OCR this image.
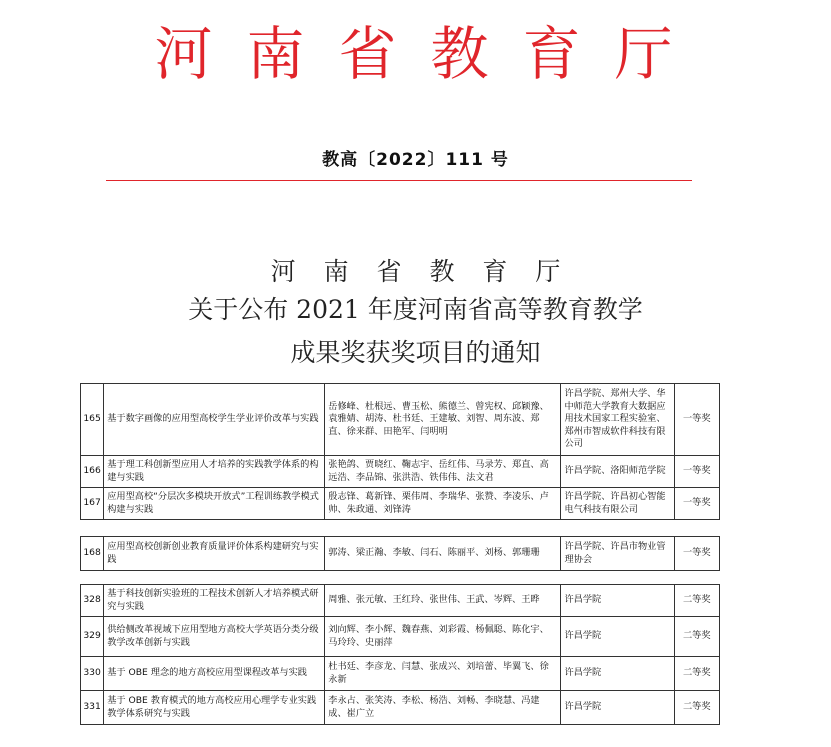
河南省教育厅
教高〔2022〕111 号
河 南 省 教 育 厅
关于公布 2021 年度河南省高等教育教学
成果奖获奖项目的通知
165	基于数字画像的应用型高校学生学业评价改革与实践	岳修峰、杜根远、曹玉松、熊德兰、曾宪权、邱颖豫、袁雅婧、胡涛、杜书廷、王建敏、刘智、周东波、郑直、徐来群、田艳军、闫明明	许昌学院、郑州大学、华中师范大学教育大数据应用技术国家工程实验室、郑州市智成软件科技有限公司	一等奖
166	基于理工科创新型应用人才培养的实践教学体系的构建与实践	张艳鸽、贾晓红、鞠志宇、岳红伟、马录芳、郑直、高远浩、李品锦、张洪浩、铁伟伟、法文君	许昌学院、洛阳师范学院	一等奖
167	应用型高校“分层次多模块开放式”工程训练教学模式构建与实践	殷志锋、葛新锋、栗伟周、李瑞华、张赞、李凌乐、卢帅、朱政通、刘锋涛	许昌学院、许昌初心智能电气科技有限公司	一等奖
168	应用型高校创新创业教育质量评价体系构建研究与实践	郭涛、梁正瀚、李敏、闫石、陈丽平、刘杨、郭珊珊	许昌学院、许昌市物业管理协会	一等奖
328	基于科技创新实验班的工程技术创新人才培养模式研究与实践	周雅、张元敏、王红玲、张世伟、王武、岑辉、王晔	许昌学院	二等奖
329	供给侧改革视域下应用型地方高校大学英语分类分级教学改革创新与实践	刘向辉、李小辉、魏春燕、刘彩霞、杨佩聪、陈化宇、马玲玲、史丽萍	许昌学院	二等奖
330	基于 OBE 理念的地方高校应用型课程改革与实践	杜书廷、李彦龙、闫慧、张成兴、刘培蕾、毕翼飞、徐永新	许昌学院	二等奖
331	基于 OBE 教育模式的地方高校应用心理学专业实践教学体系研究与实践	李永占、张笑涛、李松、杨浩、刘畅、李晓慧、冯建成、崔广立	许昌学院	二等奖
